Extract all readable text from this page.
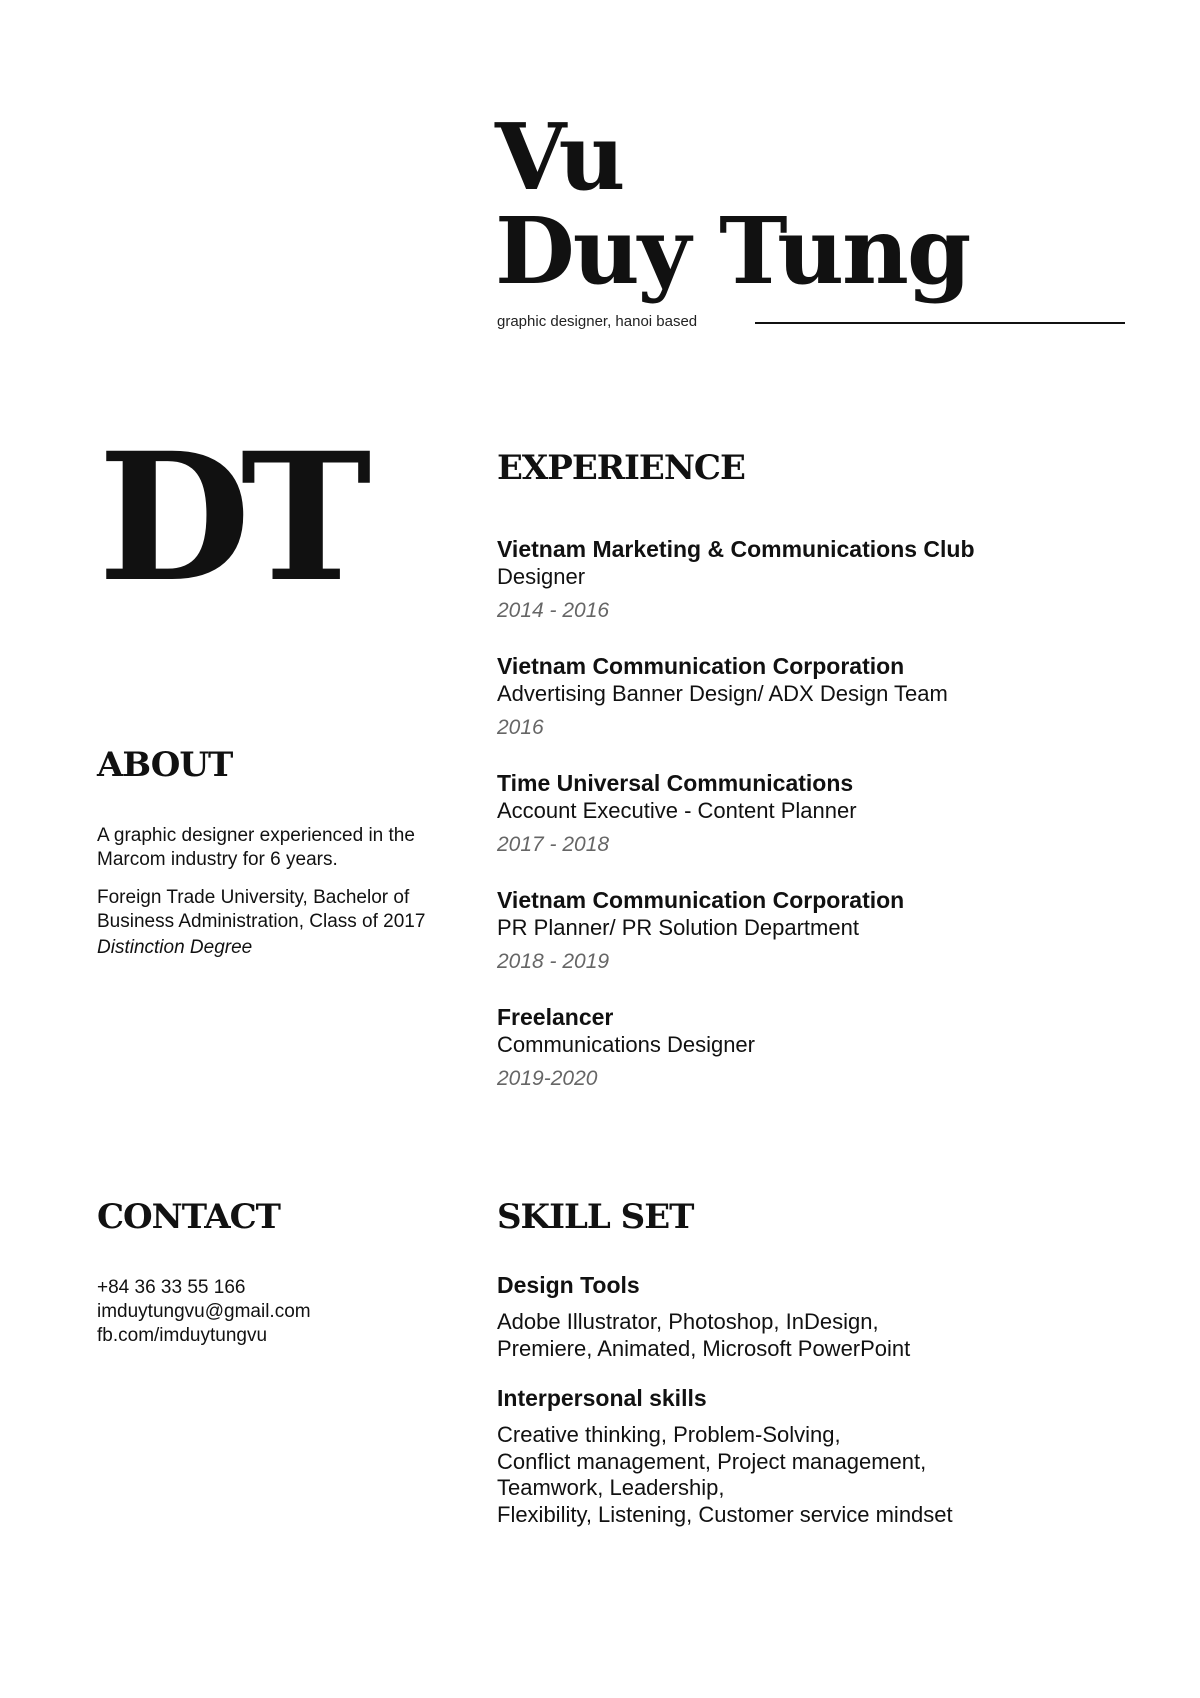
Vu
Duy Tung
graphic designer, hanoi based
DT	EXPERIENCE
Vietnam Marketing & Communications Club
Designer
2014 - 2016
Vietnam Communication Corporation
Advertising Banner Design/ ADX Design Team
2016
Time Universal Communications
Account Executive - Content Planner
2017 - 2018
Vietnam Communication Corporation
PR Planner/ PR Solution Department
2018 - 2019
Freelancer
Communications Designer
2019-2020
ABOUT

A graphic designer experienced in the Marcom industry for 6 years.

Foreign Trade University, Bachelor of Business Administration, Class of 2017

Distinction Degree

CONTACT
+84 36 33 55 166
imduytungvu@gmail.com
fb.com/imduytungvu
SKILL SET
Design Tools
Adobe Illustrator, Photoshop, InDesign,
Premiere, Animated, Microsoft PowerPoint
Interpersonal skills
Creative thinking, Problem-Solving,
Conflict management, Project management,
Teamwork, Leadership,
Flexibility, Listening, Customer service mindset
